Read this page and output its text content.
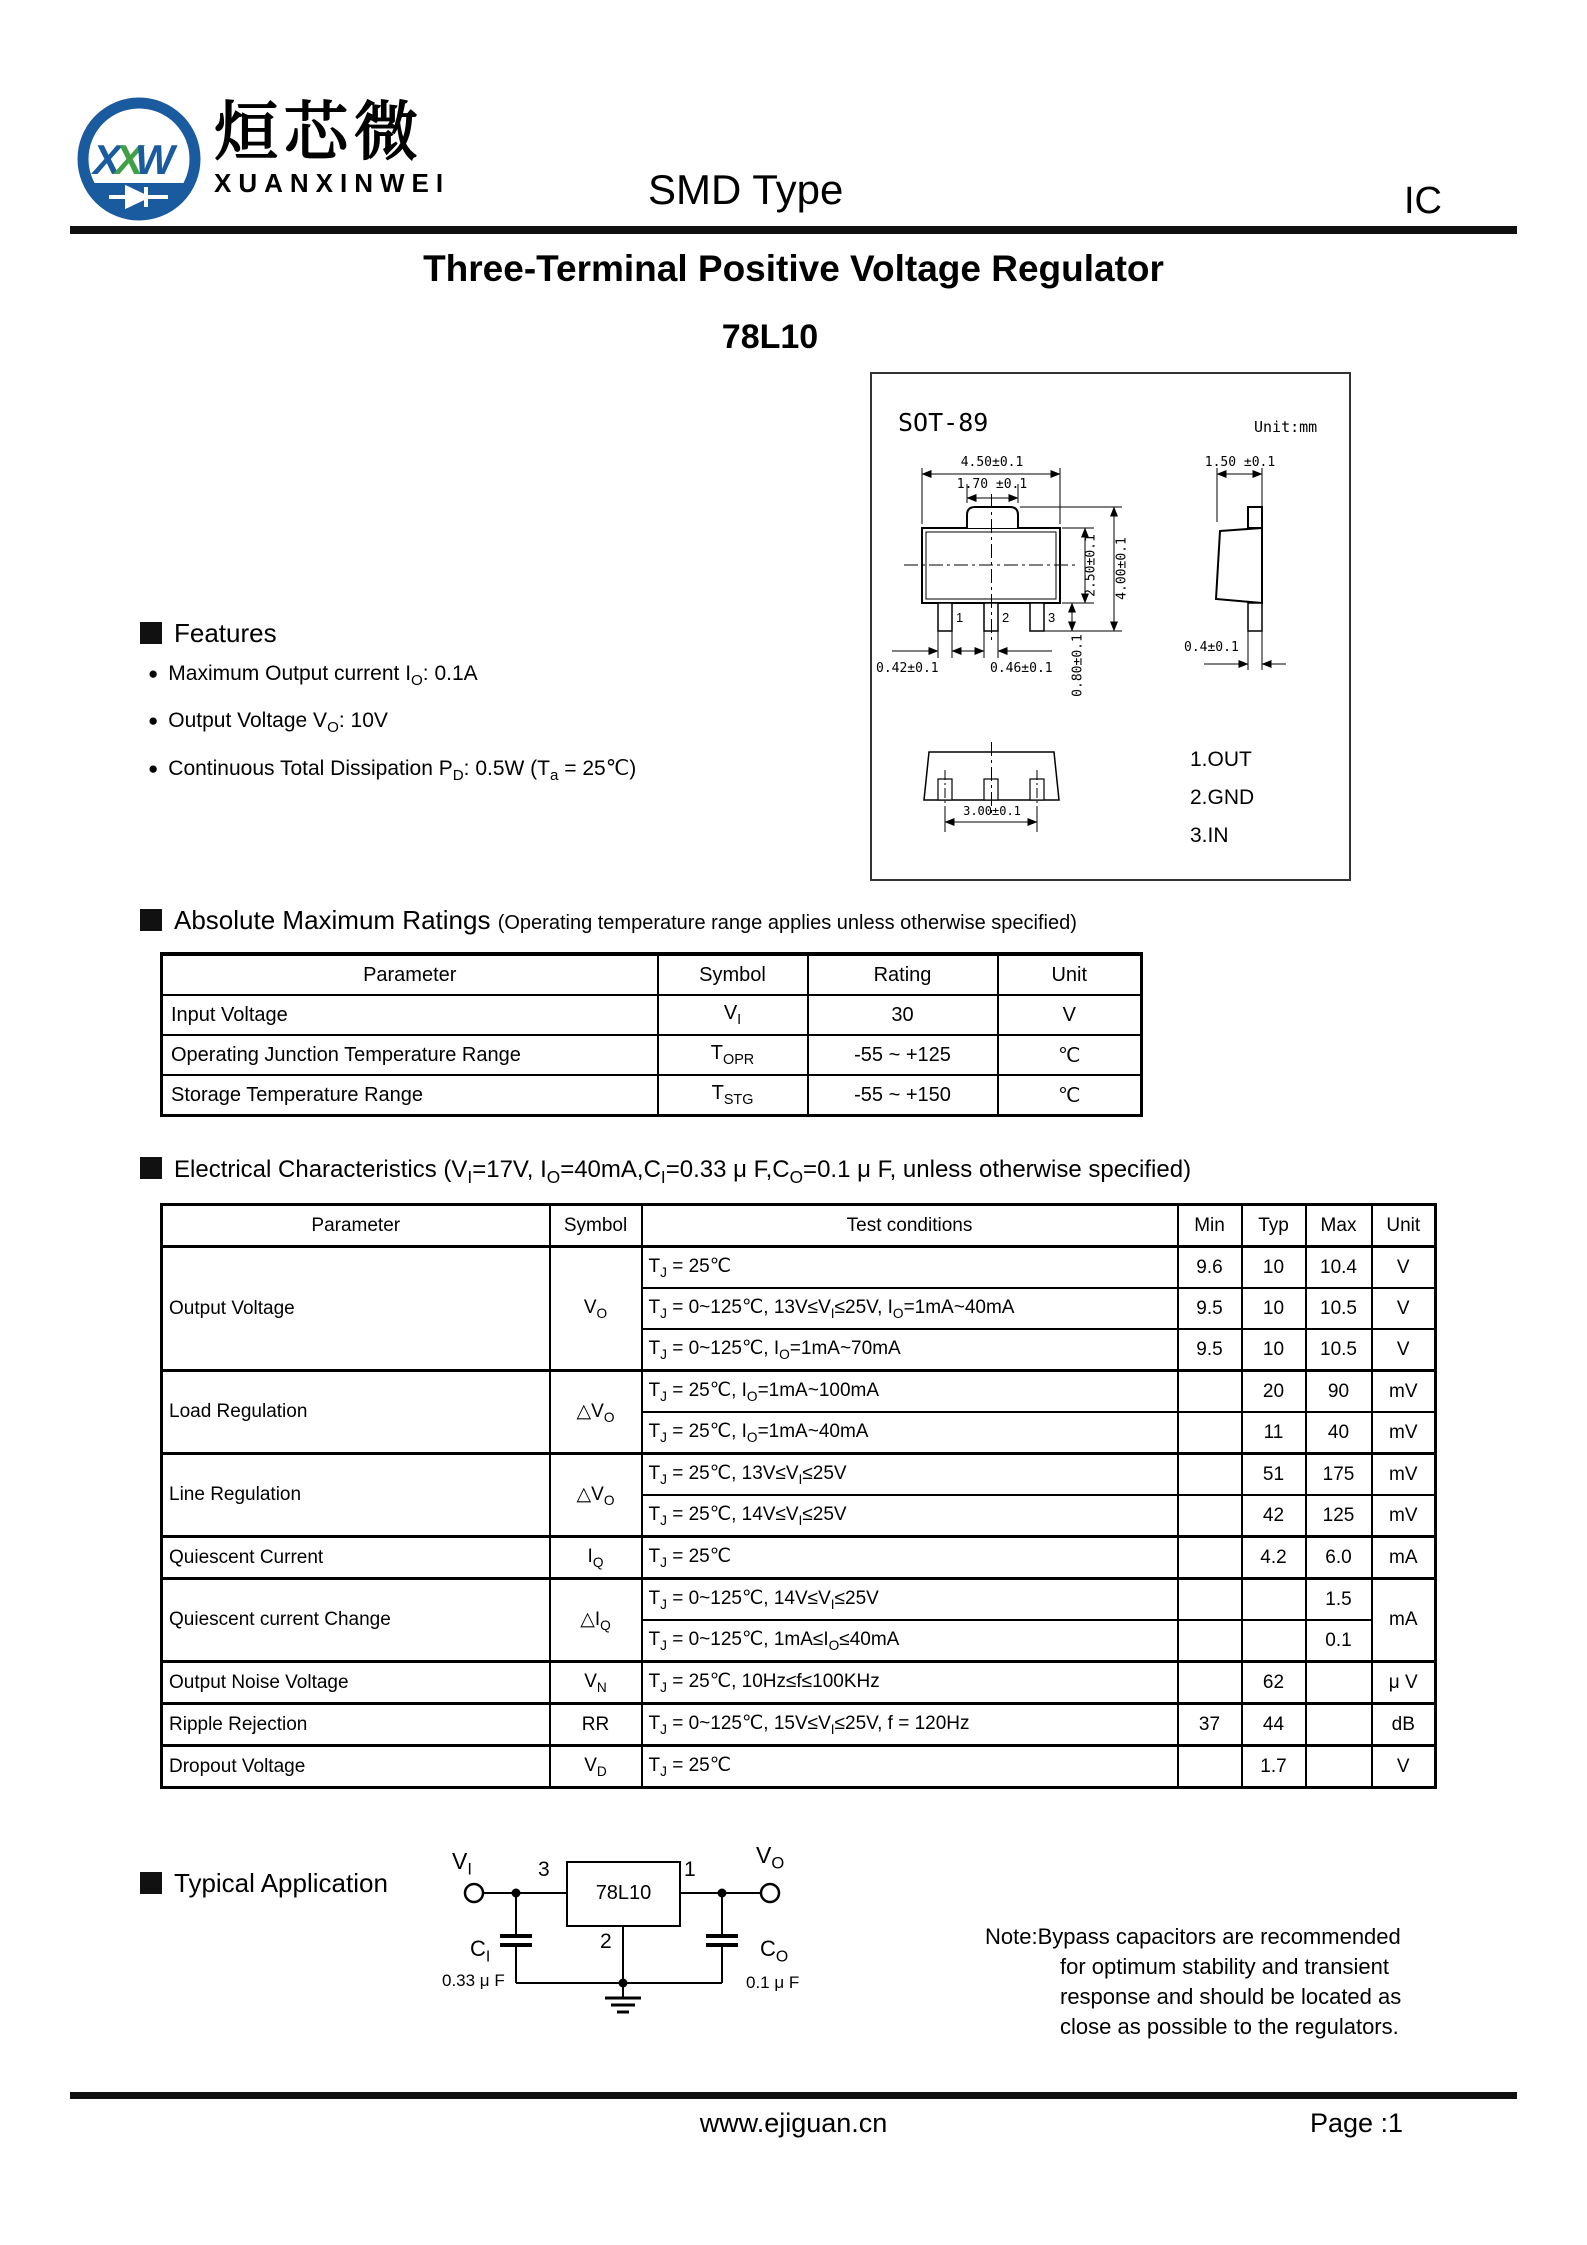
X
X
W 烜芯微
XUANXINWEI	SMD Type	IC
Three-Terminal Positive Voltage Regulator
78L10
SOT-89	Unit:mm
4.50±0.1
1.70 ±0.1
2.50±0.1 4.00±0.1
0.80±0.1
0.42±0.1	0.46±0.1
1.50 ±0.1
0.4±0.1
3.00±0.1
1	2	3
1.OUT
2.GND
3.IN
Features
● Maximum Output current $I_O$: 0.1A
● Output Voltage $V_O$: 10V
● Continuous Total Dissipation $P_D$: 0.5W ($T_a$ = 25℃)
Absolute Maximum Ratings (Operating temperature range applies unless otherwise specified)
Parameter	Symbol	Rating	Unit
Input Voltage	$V_I$	30	V
Operating Junction Temperature Range	$T_{OPR}$	-55 ~ +125	℃
Storage Temperature Range	$T_{STG}$	-55 ~ +150	℃
Electrical Characteristics ($V_I=17V$, $I_O=40mA,C_I=0.33$ μ $F,C_O=0.1$ μ F, unless otherwise specified)
Parameter	Symbol	Test conditions	Min	Typ	Max	Unit
Output Voltage	$V_O$	$T_J$ = 25℃	9.6	10	10.4	V
		$T_J$ = 0~125℃, $13V\le V_I\le 25V$, $I_O=1mA\sim 40mA$	9.5	10	10.5	V
		$T_J$ = 0~125℃, $I_O=1mA\sim 70mA$	9.5	10	10.5	V
Load Regulation	$\triangle V_O$	$T_J$ = 25℃, $I_O=1mA\sim 100mA$		20	90	mV
		$T_J$ = 25℃, $I_O=1mA\sim 40mA$		11	40	mV
Line Regulation	$\triangle V_O$	$T_J$ = 25℃, $13V\le V_I\le 25V$		51	175	mV
		$T_J$ = 25℃, $14V\le V_I\le 25V$		42	125	mV
Quiescent Current	$I_Q$	$T_J$ = 25℃		4.2	6.0	mA
Quiescent current Change	$\triangle I_Q$	$T_J$ = 0~125℃, $14V\le V_I\le 25V$			1.5	mA
		$T_J$ = 0~125℃, $1mA\le I_O\le 40mA$			0.1	
Output Noise Voltage	$V_N$	$T_J$ = 25℃, 10Hz≤f≤100KHz		62		μ V
Ripple Rejection	RR	$T_J$ = 0~125℃, $15V\le V_I\le 25V$, f = 120Hz	37	44		dB
Dropout Voltage	$V_D$	$T_J$ = 25℃		1.7		V
Typical Application
$V_I$
$V_O$
3	1
78L10
2
$C_I$
0.33 μ F
$C_O$
0.1 μ F
Note:Bypass capacitors are recommended
for optimum stability and transient
response and should be located as
close as possible to the regulators.
www.ejiguan.cn	Page :1
